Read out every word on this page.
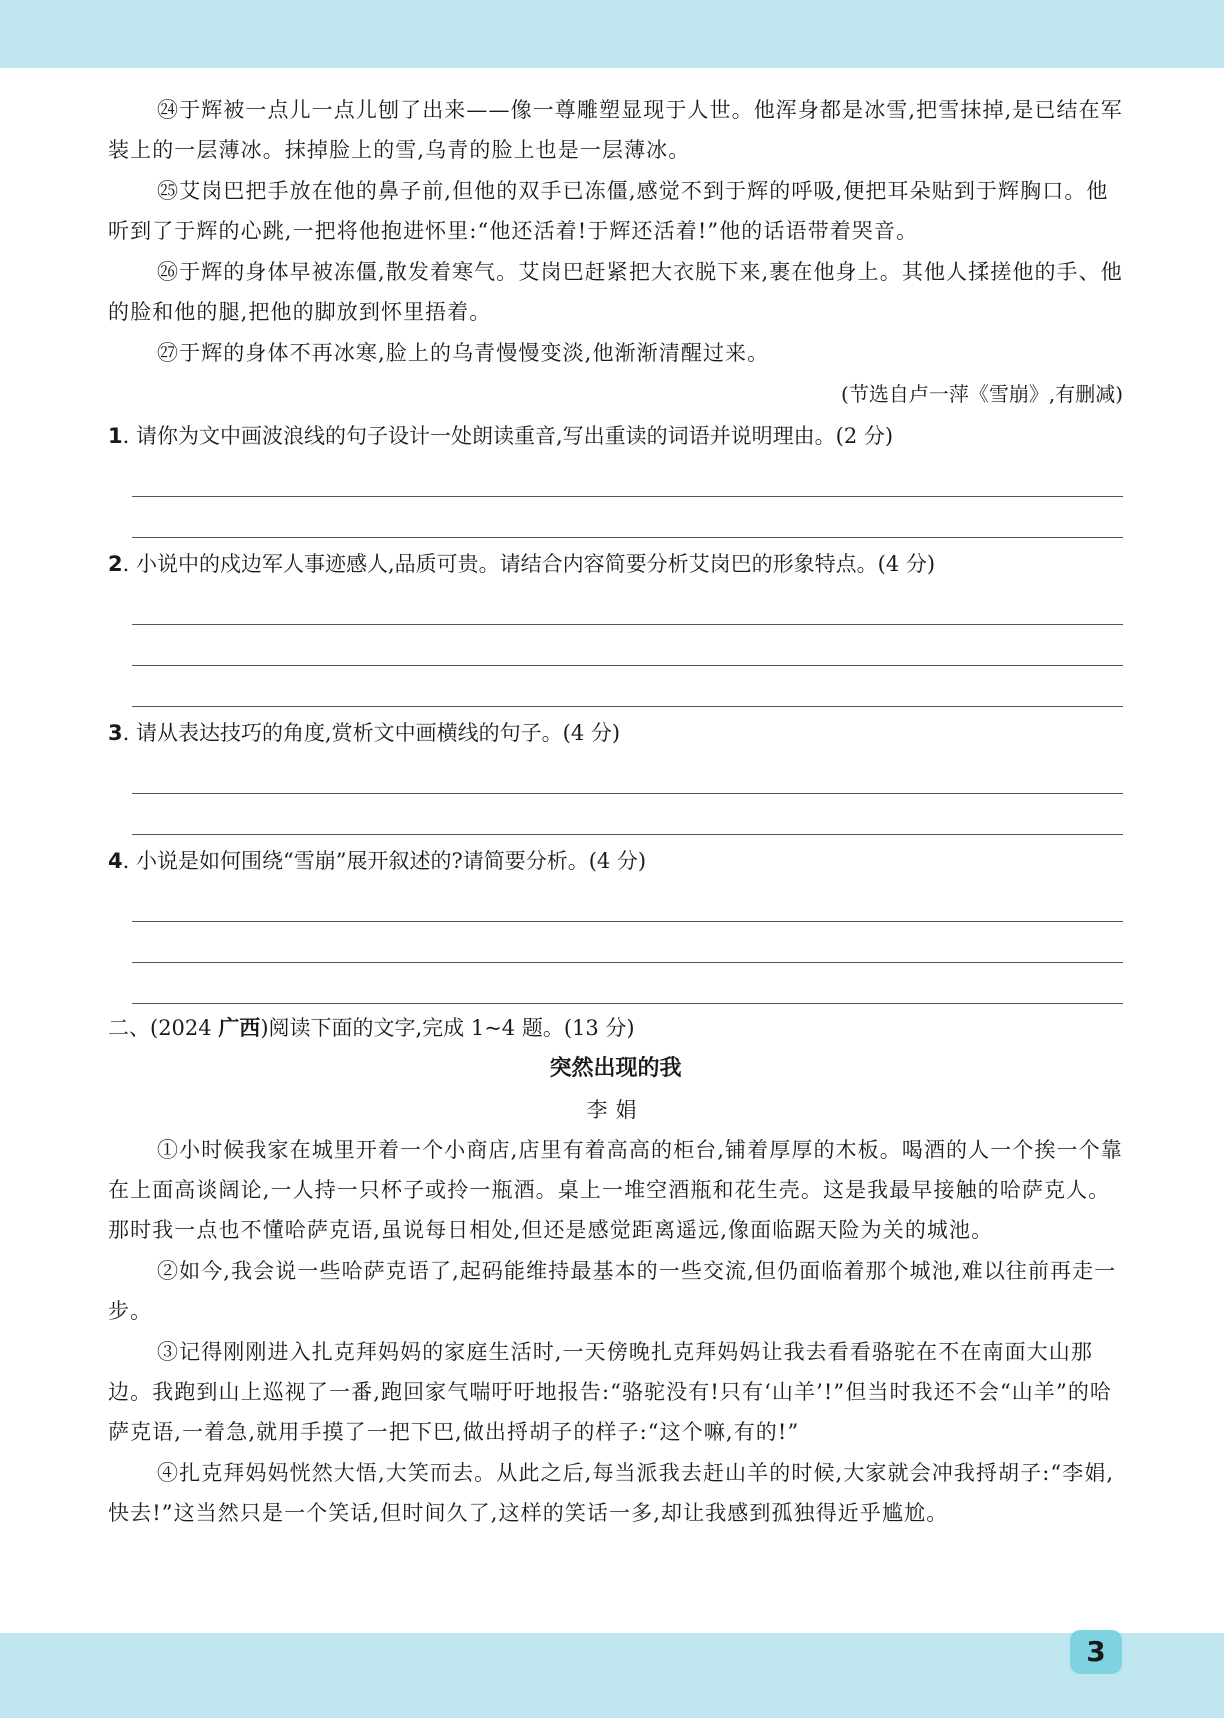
㉔于辉被一点儿一点儿刨了出来——像一尊雕塑显现于人世。他浑身都是冰雪,把雪抹掉,是已结在军装上的一层薄冰。抹掉脸上的雪,乌青的脸上也是一层薄冰。

㉕艾岗巴把手放在他的鼻子前,但他的双手已冻僵,感觉不到于辉的呼吸,便把耳朵贴到于辉胸口。他听到了于辉的心跳,一把将他抱进怀里:“他还活着!于辉还活着!”他的话语带着哭音。

㉖于辉的身体早被冻僵,散发着寒气。艾岗巴赶紧把大衣脱下来,裹在他身上。其他人揉搓他的手、他的脸和他的腿,把他的脚放到怀里捂着。

㉗于辉的身体不再冰寒,脸上的乌青慢慢变淡,他渐渐清醒过来。

(节选自卢一萍《雪崩》,有删减)

1. 请你为文中画波浪线的句子设计一处朗读重音,写出重读的词语并说明理由。(2 分)

2. 小说中的戍边军人事迹感人,品质可贵。请结合内容简要分析艾岗巴的形象特点。(4 分)

3. 请从表达技巧的角度,赏析文中画横线的句子。(4 分)

4. 小说是如何围绕“雪崩”展开叙述的?请简要分析。(4 分)

二、(2024 广西)阅读下面的文字,完成 1~4 题。(13 分)

突然出现的我

李娟

①小时候我家在城里开着一个小商店,店里有着高高的柜台,铺着厚厚的木板。喝酒的人一个挨一个靠在上面高谈阔论,一人持一只杯子或拎一瓶酒。桌上一堆空酒瓶和花生壳。这是我最早接触的哈萨克人。那时我一点也不懂哈萨克语,虽说每日相处,但还是感觉距离遥远,像面临踞天险为关的城池。

②如今,我会说一些哈萨克语了,起码能维持最基本的一些交流,但仍面临着那个城池,难以往前再走一步。

③记得刚刚进入扎克拜妈妈的家庭生活时,一天傍晚扎克拜妈妈让我去看看骆驼在不在南面大山那边。我跑到山上巡视了一番,跑回家气喘吁吁地报告:“骆驼没有!只有‘山羊’!”但当时我还不会“山羊”的哈萨克语,一着急,就用手摸了一把下巴,做出捋胡子的样子:“这个嘛,有的!”

④扎克拜妈妈恍然大悟,大笑而去。从此之后,每当派我去赶山羊的时候,大家就会冲我捋胡子:“李娟,快去!”这当然只是一个笑话,但时间久了,这样的笑话一多,却让我感到孤独得近乎尴尬。

3
